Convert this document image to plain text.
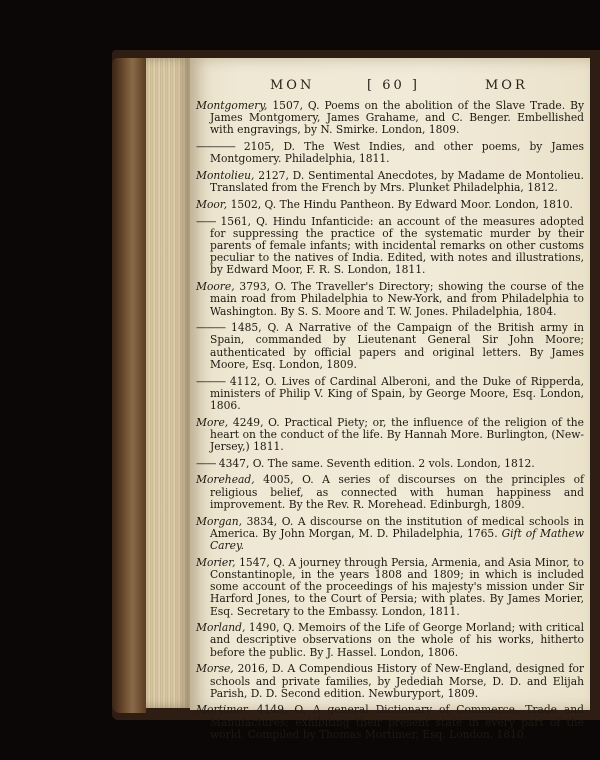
MON	[ 60 ]	MOR

Montgomery, 1507, Q. Poems on the abolition of the Slave Trade. By James Montgomery, James Grahame, and C. Benger. Embellished with engravings, by N. Smirke. London, 1809.

———— 2105, D. The West Indies, and other poems, by James Montgomery. Philadelphia, 1811.

Montolieu, 2127, D. Sentimental Anecdotes, by Madame de Montolieu. Translated from the French by Mrs. Plunket Philadelphia, 1812.

Moor, 1502, Q. The Hindu Pantheon. By Edward Moor. London, 1810.

—— 1561, Q. Hindu Infanticide: an account of the measures adopted for suppressing the practice of the systematic murder by their parents of female infants; with incidental remarks on other customs peculiar to the natives of India. Edited, with notes and illustrations, by Edward Moor, F. R. S. London, 1811.

Moore, 3793, O. The Traveller's Directory; showing the course of the main road from Philadelphia to New-York, and from Philadelphia to Washington. By S. S. Moore and T. W. Jones. Philadelphia, 1804.

——— 1485, Q. A Narrative of the Campaign of the British army in Spain, commanded by Lieutenant General Sir John Moore; authenticated by official papers and original letters. By James Moore, Esq. London, 1809.

——— 4112, O. Lives of Cardinal Alberoni, and the Duke of Ripperda, ministers of Philip V. King of Spain, by George Moore, Esq. London, 1806.

More, 4249, O. Practical Piety; or, the influence of the religion of the heart on the conduct of the life. By Hannah More. Burlington, (New-Jersey,) 1811.

—— 4347, O. The same. Seventh edition. 2 vols. London, 1812.

Morehead, 4005, O. A series of discourses on the principles of religious belief, as connected with human happiness and improvement. By the Rev. R. Morehead. Edinburgh, 1809.

Morgan, 3834, O. A discourse on the institution of medical schools in America. By John Morgan, M. D. Philadelphia, 1765. Gift of Mathew Carey.

Morier, 1547, Q. A journey through Persia, Armenia, and Asia Minor, to Constantinople, in the years 1808 and 1809; in which is included some account of the proceedings of his majesty's mission under Sir Harford Jones, to the Court of Persia; with plates. By James Morier, Esq. Secretary to the Embassy. London, 1811.

Morland, 1490, Q. Memoirs of the Life of George Morland; with critical and descriptive observations on the whole of his works, hitherto before the public. By J. Hassel. London, 1806.

Morse, 2016, D. A Compendious History of New-England, designed for schools and private families, by Jedediah Morse, D. D. and Elijah Parish, D. D. Second edition. Newburyport, 1809.

Mortimer, 4149, O. A general Dictionary of Commerce, Trade and Manufactures; exhibiting their present state in every part of the world. Compiled by Thomas Mortimer, Esq. London, 1810.
